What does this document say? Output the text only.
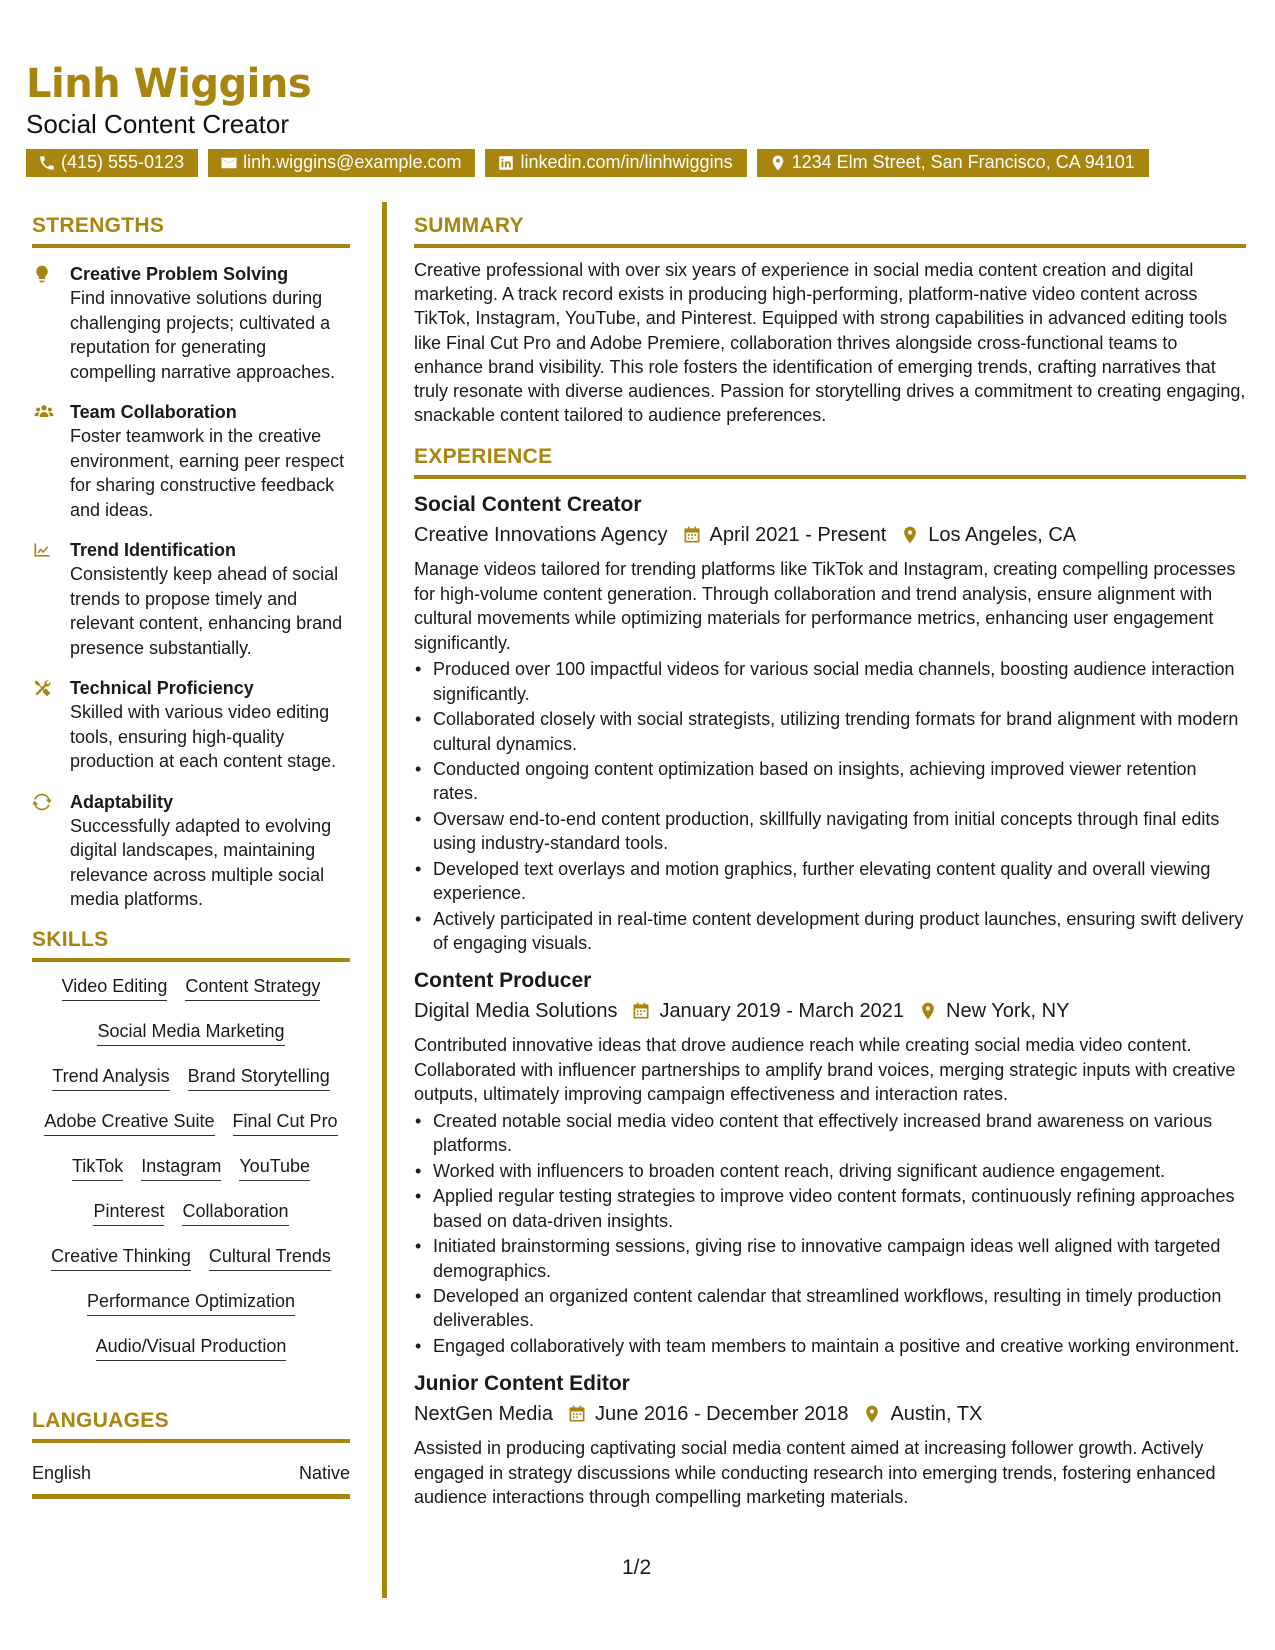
Linh Wiggins
Social Content Creator
(415) 555-0123	linh.wiggins@example.com	linkedin.com/in/linhwiggins	1234 Elm Street, San Francisco, CA 94101
STRENGTHS
Creative Problem Solving
Find innovative solutions during challenging projects; cultivated a reputation for generating compelling narrative approaches.
Team Collaboration
Foster teamwork in the creative environment, earning peer respect for sharing constructive feedback and ideas.
Trend Identification
Consistently keep ahead of social trends to propose timely and relevant content, enhancing brand presence substantially.
Technical Proficiency
Skilled with various video editing tools, ensuring high-quality production at each content stage.
Adaptability
Successfully adapted to evolving digital landscapes, maintaining relevance across multiple social media platforms.
SKILLS
Video Editing Content Strategy
Social Media Marketing
Trend Analysis Brand Storytelling
Adobe Creative Suite Final Cut Pro
TikTok Instagram YouTube
Pinterest Collaboration
Creative Thinking Cultural Trends
Performance Optimization
Audio/Visual Production
LANGUAGES
English	Native
SUMMARY
Creative professional with over six years of experience in social media content creation and digital marketing. A track record exists in producing high-performing, platform-native video content across TikTok, Instagram, YouTube, and Pinterest. Equipped with strong capabilities in advanced editing tools like Final Cut Pro and Adobe Premiere, collaboration thrives alongside cross-functional teams to enhance brand visibility. This role fosters the identification of emerging trends, crafting narratives that truly resonate with diverse audiences. Passion for storytelling drives a commitment to creating engaging, snackable content tailored to audience preferences.
EXPERIENCE
Social Content Creator
Creative Innovations Agency April 2021 - Present Los Angeles, CA
Manage videos tailored for trending platforms like TikTok and Instagram, creating compelling processes for high-volume content generation. Through collaboration and trend analysis, ensure alignment with cultural movements while optimizing materials for performance metrics, enhancing user engagement significantly.
• Produced over 100 impactful videos for various social media channels, boosting audience interaction significantly.
• Collaborated closely with social strategists, utilizing trending formats for brand alignment with modern cultural dynamics.
• Conducted ongoing content optimization based on insights, achieving improved viewer retention rates.
• Oversaw end-to-end content production, skillfully navigating from initial concepts through final edits using industry-standard tools.
• Developed text overlays and motion graphics, further elevating content quality and overall viewing experience.
• Actively participated in real-time content development during product launches, ensuring swift delivery of engaging visuals.
Content Producer
Digital Media Solutions January 2019 - March 2021 New York, NY
Contributed innovative ideas that drove audience reach while creating social media video content. Collaborated with influencer partnerships to amplify brand voices, merging strategic inputs with creative outputs, ultimately improving campaign effectiveness and interaction rates.
• Created notable social media video content that effectively increased brand awareness on various platforms.
• Worked with influencers to broaden content reach, driving significant audience engagement.
• Applied regular testing strategies to improve video content formats, continuously refining approaches based on data-driven insights.
• Initiated brainstorming sessions, giving rise to innovative campaign ideas well aligned with targeted demographics.
• Developed an organized content calendar that streamlined workflows, resulting in timely production deliverables.
• Engaged collaboratively with team members to maintain a positive and creative working environment.
Junior Content Editor
NextGen Media June 2016 - December 2018 Austin, TX
Assisted in producing captivating social media content aimed at increasing follower growth. Actively engaged in strategy discussions while conducting research into emerging trends, fostering enhanced audience interactions through compelling marketing materials.
1/2
